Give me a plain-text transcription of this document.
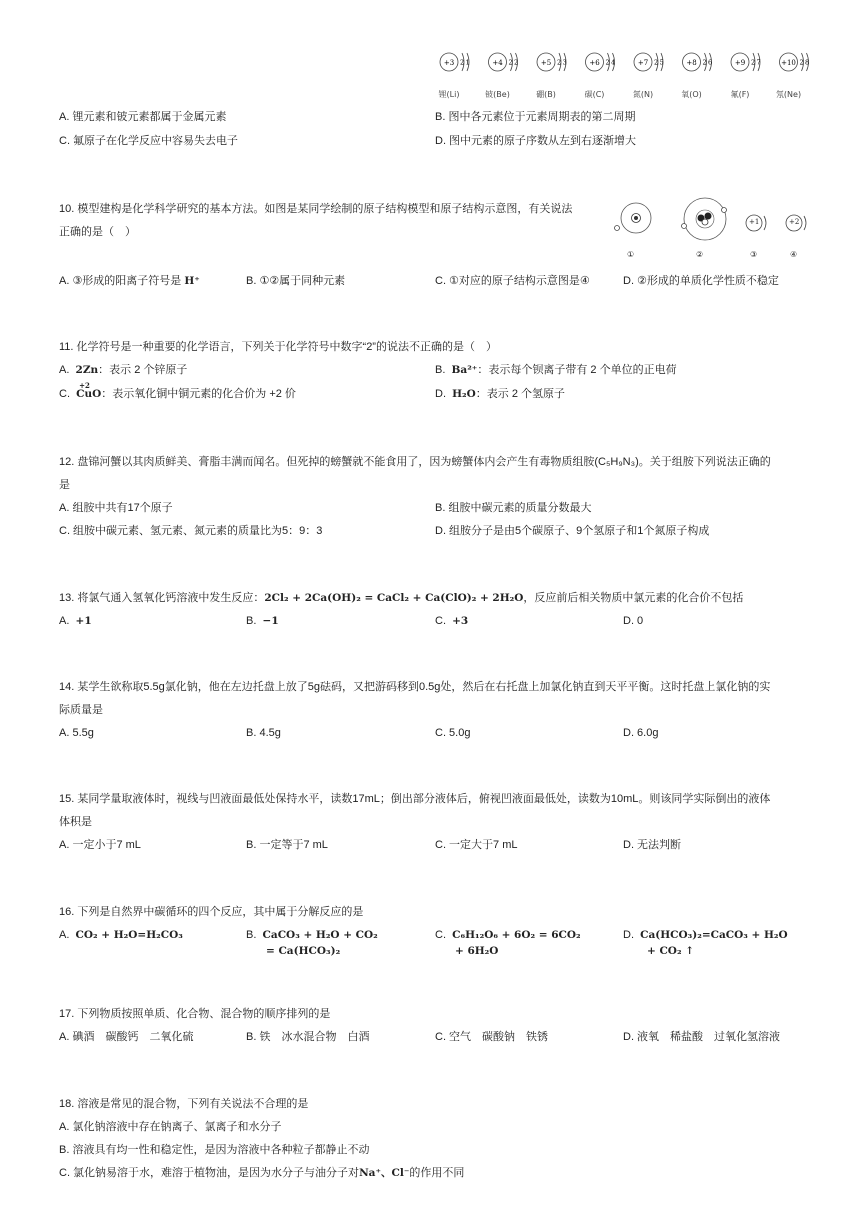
+3 2 1
锂(Li)
+4 2 2
铍(Be)
+5 2 3
硼(B)
+6 2 4
碳(C)
+7 2 5
氮(N)
+8 2 6
氧(O)
+9 2 7
氟(F)
+10 2 8
氖(Ne)
A. 锂元素和铍元素都属于金属元素	B. 图中各元素位于元素周期表的第二周期
C. 氟原子在化学反应中容易失去电子	D. 图中元素的原子序数从左到右逐渐增大
10. 模型建构是化学科学研究的基本方法。如图是某同学绘制的原子结构模型和原子结构示意图，有关说法
正确的是（　）
+1	+2
①	②	③	④
A. ③形成的阳离子符号是 H⁺	B. ①②属于同种元素	C. ①对应的原子结构示意图是④	D. ②形成的单质化学性质不稳定
11. 化学符号是一种重要的化学语言，下列关于化学符号中数字“2”的说法不正确的是（　）
A. 2Zn：表示 2 个锌原子	B. Ba²⁺：表示每个钡离子带有 2 个单位的正电荷
C.
+2
CuO：表示氧化铜中铜元素的化合价为 +2 价	D. H₂O：表示 2 个氢原子
12. 盘锦河蟹以其肉质鲜美、膏脂丰满而闻名。但死掉的螃蟹就不能食用了，因为螃蟹体内会产生有毒物质组胺(C₅H₉N₃)。关于组胺下列说法正确的
是
A. 组胺中共有17个原子	B. 组胺中碳元素的质量分数最大
C. 组胺中碳元素、氢元素、氮元素的质量比为5：9：3	D. 组胺分子是由5个碳原子、9个氢原子和1个氮原子构成
13. 将氯气通入氢氧化钙溶液中发生反应：2Cl₂ + 2Ca(OH)₂ = CaCl₂ + Ca(ClO)₂ + 2H₂O，反应前后相关物质中氯元素的化合价不包括
A. +1	B. −1	C. +3	D. 0
14. 某学生欲称取5.5g氯化钠，他在左边托盘上放了5g砝码，又把游码移到0.5g处，然后在右托盘上加氯化钠直到天平平衡。这时托盘上氯化钠的实
际质量是
A. 5.5g	B. 4.5g	C. 5.0g	D. 6.0g
15. 某同学量取液体时，视线与凹液面最低处保持水平，读数17mL；倒出部分液体后，俯视凹液面最低处，读数为10mL。则该同学实际倒出的液体
体积是
A. 一定小于7 mL	B. 一定等于7 mL	C. 一定大于7 mL	D. 无法判断
16. 下列是自然界中碳循环的四个反应，其中属于分解反应的是
A. CO₂ + H₂O=H₂CO₃	B. CaCO₃ + H₂O + CO₂
= Ca(HCO₃)₂
C. C₆H₁₂O₆ + 6O₂ = 6CO₂
+ 6H₂O
D. Ca(HCO₃)₂=CaCO₃ + H₂O
+ CO₂ ↑
17. 下列物质按照单质、化合物、混合物的顺序排列的是
A. 碘酒　碳酸钙　二氧化硫	B. 铁　冰水混合物　白酒	C. 空气　碳酸钠　铁锈	D. 液氧　稀盐酸　过氧化氢溶液
18. 溶液是常见的混合物，下列有关说法不合理的是
A. 氯化钠溶液中存在钠离子、氯离子和水分子
B. 溶液具有均一性和稳定性，是因为溶液中各种粒子都静止不动
C. 氯化钠易溶于水，难溶于植物油，是因为水分子与油分子对Na⁺、Cl⁻的作用不同
